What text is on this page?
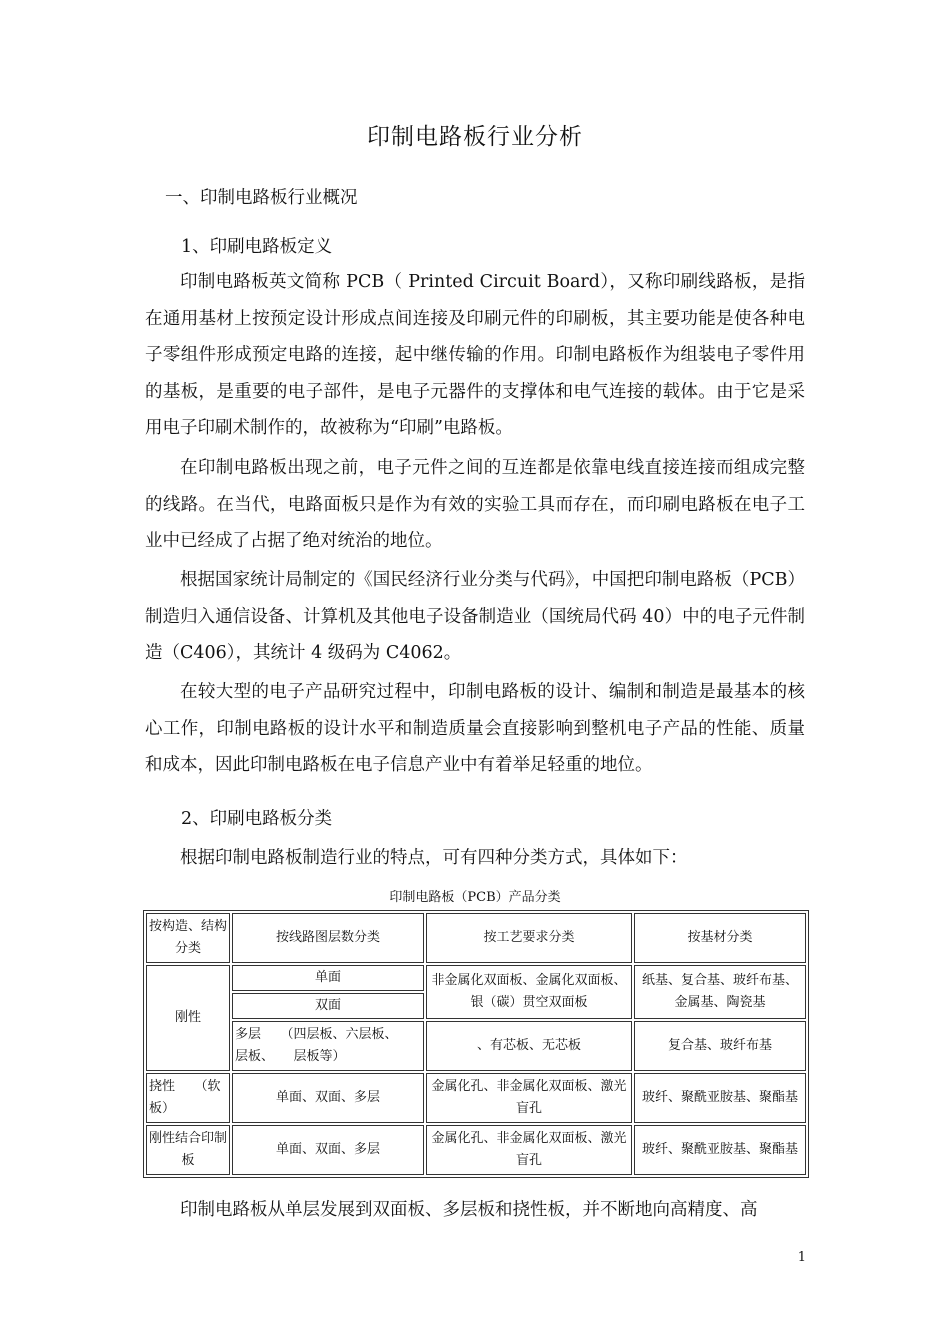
印制电路板行业分析
一、印制电路板行业概况
1、印刷电路板定义

印制电路板英文简称 PCB（ Printed Circuit Board），又称印刷线路板，是指在通用基材上按预定设计形成点间连接及印刷元件的印刷板，其主要功能是使各种电子零组件形成预定电路的连接，起中继传输的作用。印制电路板作为组装电子零件用的基板，是重要的电子部件，是电子元器件的支撑体和电气连接的载体。由于它是采用电子印刷术制作的，故被称为“印刷”电路板。

在印制电路板出现之前，电子元件之间的互连都是依靠电线直接连接而组成完整的线路。在当代，电路面板只是作为有效的实验工具而存在，而印刷电路板在电子工业中已经成了占据了绝对统治的地位。

根据国家统计局制定的《国民经济行业分类与代码》，中国把印制电路板（PCB）制造归入通信设备、计算机及其他电子设备制造业（国统局代码 40）中的电子元件制造（C406），其统计 4 级码为 C4062。

在较大型的电子产品研究过程中，印制电路板的设计、编制和制造是最基本的核心工作，印制电路板的设计水平和制造质量会直接影响到整机电子产品的性能、质量和成本，因此印制电路板在电子信息产业中有着举足轻重的地位。

2、印刷电路板分类
根据印制电路板制造行业的特点，可有四种分类方式，具体如下：
印制电路板（PCB）产品分类
按构造、结构分类	按线路图层数分类	按工艺要求分类	按基材分类
刚性	单面	非金属化双面板、金属化双面板、银（碳）贯空双面板	纸基、复合基、玻纤布基、金属基、陶瓷基
	双面		
	多层　　（四层板、六层板、　　层板、　　层板等）	、有芯板、无芯板	复合基、玻纤布基
挠性　　（软板）	单面、双面、多层	金属化孔、非金属化双面板、激光盲孔	玻纤、聚酰亚胺基、聚酯基
刚性结合印制板	单面、双面、多层	金属化孔、非金属化双面板、激光盲孔	玻纤、聚酰亚胺基、聚酯基
印制电路板从单层发展到双面板、多层板和挠性板，并不断地向高精度、高
1
